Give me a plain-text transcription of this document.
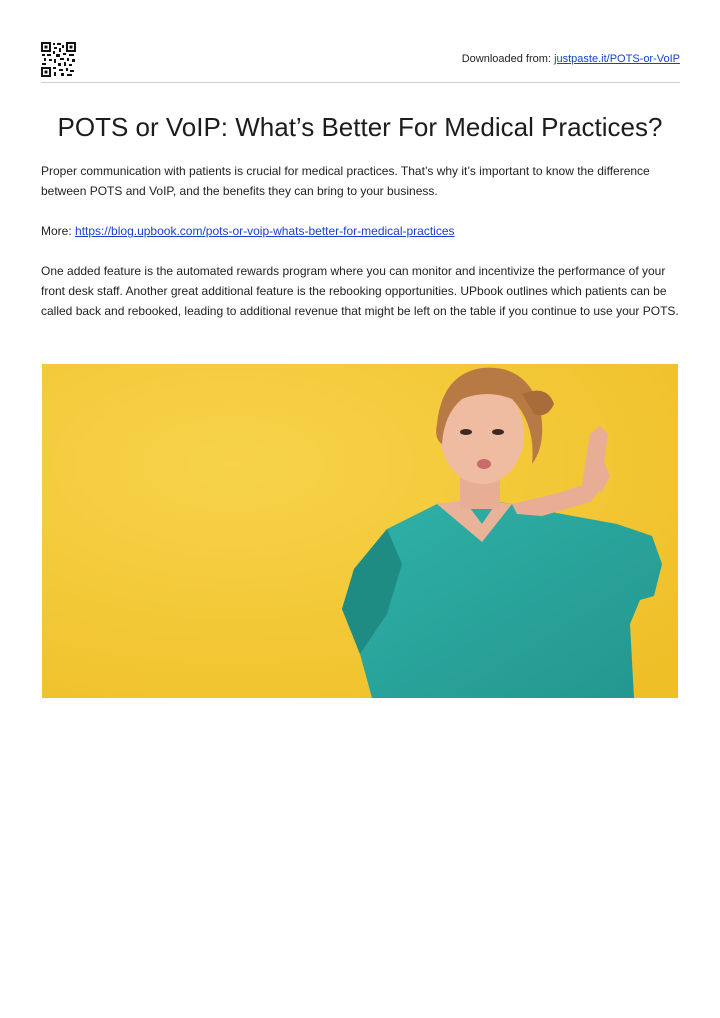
Downloaded from: justpaste.it/POTS-or-VoIP
POTS or VoIP: What’s Better For Medical Practices?

Proper communication with patients is crucial for medical practices. That’s why it’s important to know the difference between POTS and VoIP, and the benefits they can bring to your business.

More: https://blog.upbook.com/pots-or-voip-whats-better-for-medical-practices

One added feature is the automated rewards program where you can monitor and incentivize the performance of your front desk staff. Another great additional feature is the rebooking opportunities. UPbook outlines which patients can be called back and rebooked, leading to additional revenue that might be left on the table if you continue to use your POTS.
